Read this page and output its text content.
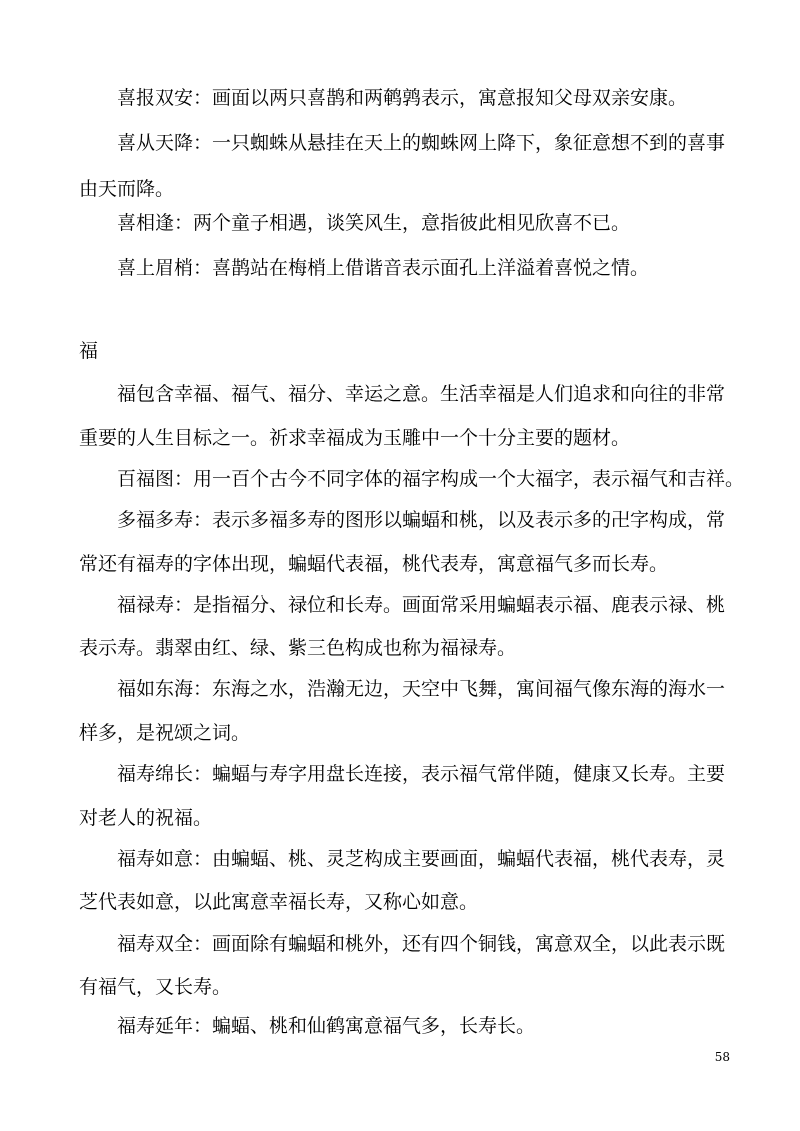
喜报双安：画面以两只喜鹊和两鹌鹑表示，寓意报知父母双亲安康。
喜从天降：一只蜘蛛从悬挂在天上的蜘蛛网上降下，象征意想不到的喜事
由天而降。
喜相逢：两个童子相遇，谈笑风生，意指彼此相见欣喜不已。
喜上眉梢：喜鹊站在梅梢上借谐音表示面孔上洋溢着喜悦之情。
福
福包含幸福、福气、福分、幸运之意。生活幸福是人们追求和向往的非常
重要的人生目标之一。祈求幸福成为玉雕中一个十分主要的题材。
百福图：用一百个古今不同字体的福字构成一个大福字，表示福气和吉祥。
多福多寿：表示多福多寿的图形以蝙蝠和桃，以及表示多的卍字构成，常
常还有福寿的字体出现，蝙蝠代表福，桃代表寿，寓意福气多而长寿。
福禄寿：是指福分、禄位和长寿。画面常采用蝙蝠表示福、鹿表示禄、桃
表示寿。翡翠由红、绿、紫三色构成也称为福禄寿。
福如东海：东海之水，浩瀚无边，天空中飞舞，寓间福气像东海的海水一
样多，是祝颂之词。
福寿绵长：蝙蝠与寿字用盘长连接，表示福气常伴随，健康又长寿。主要
对老人的祝福。
福寿如意：由蝙蝠、桃、灵芝构成主要画面，蝙蝠代表福，桃代表寿，灵
芝代表如意，以此寓意幸福长寿，又称心如意。
福寿双全：画面除有蝙蝠和桃外，还有四个铜钱，寓意双全，以此表示既
有福气，又长寿。
福寿延年：蝙蝠、桃和仙鹤寓意福气多，长寿长。
58
